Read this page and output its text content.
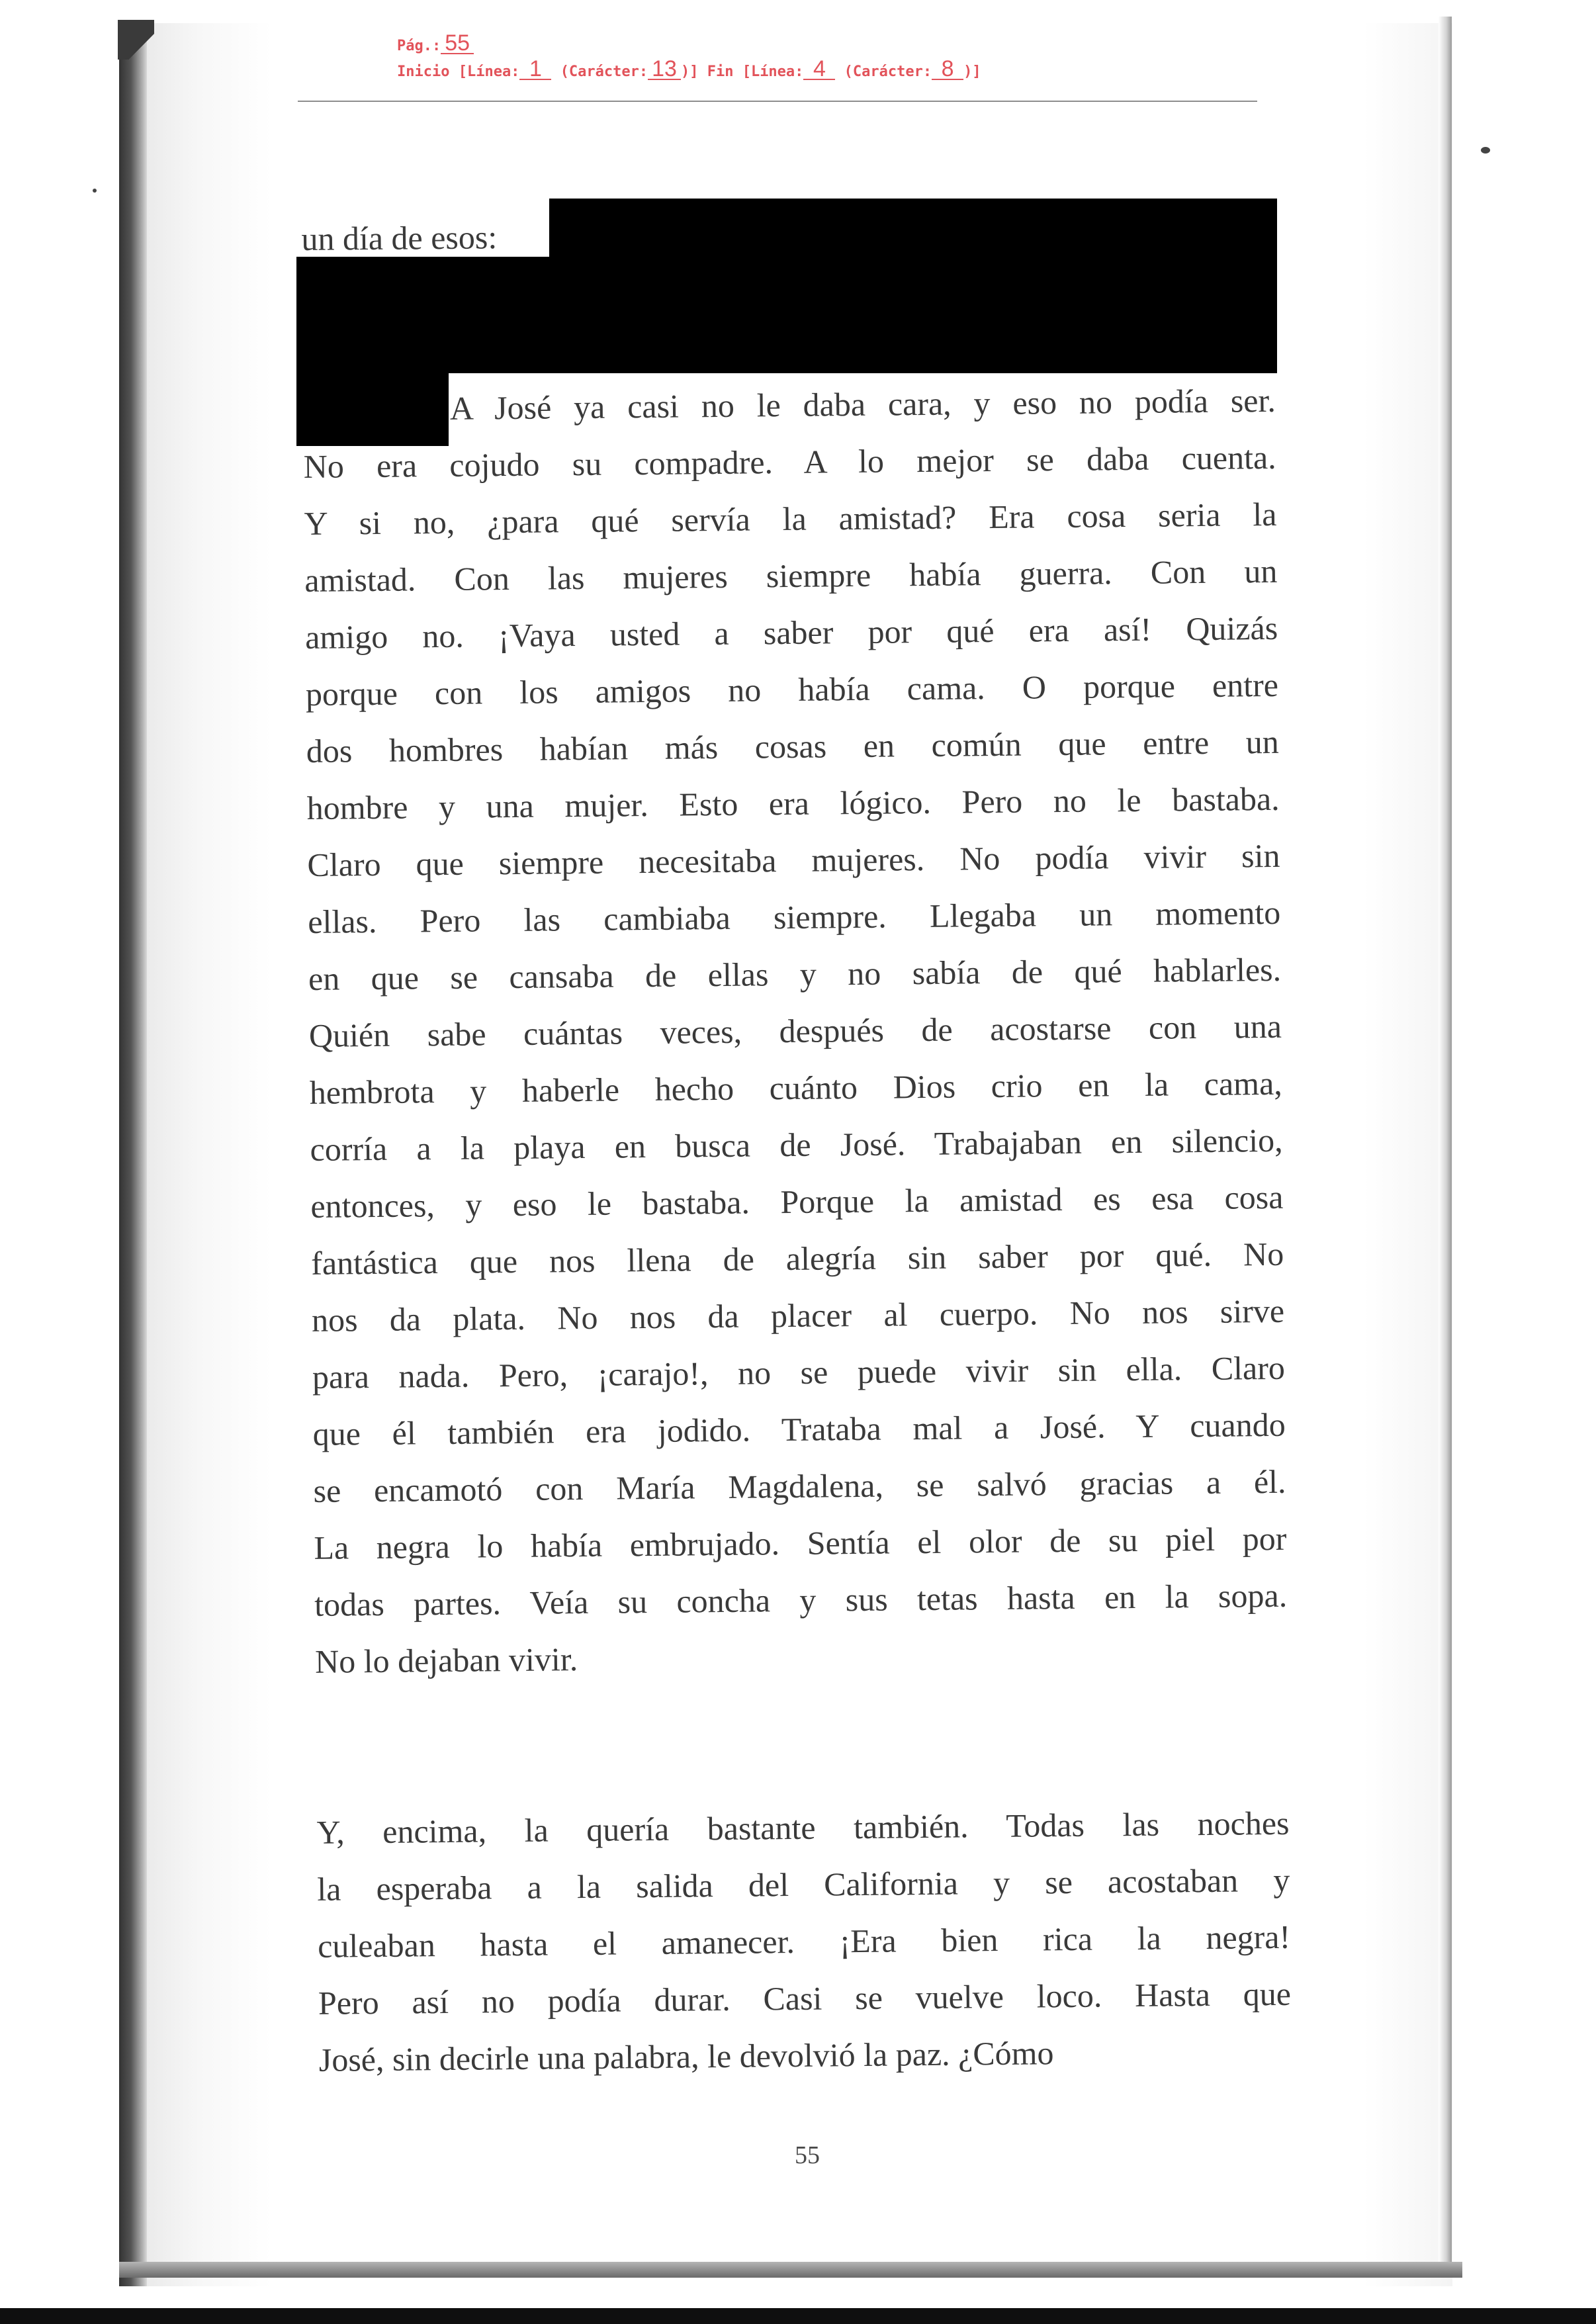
Pág.: 55
Inicio [Línea: 1 (Carácter: 13 )] Fin [Línea: 4 (Carácter: 8 )]
un día de esos:
A José ya casi no le daba cara, y eso no podía ser.
No era cojudo su compadre. A lo mejor se daba cuenta.
Y si no, ¿para qué servía la amistad? Era cosa seria la
amistad. Con las mujeres siempre había guerra. Con un
amigo no. ¡Vaya usted a saber por qué era así! Quizás
porque con los amigos no había cama. O porque entre
dos hombres habían más cosas en común que entre un
hombre y una mujer. Esto era lógico. Pero no le bastaba.
Claro que siempre necesitaba mujeres. No podía vivir sin
ellas. Pero las cambiaba siempre. Llegaba un momento
en que se cansaba de ellas y no sabía de qué hablarles.
Quién sabe cuántas veces, después de acostarse con una
hembrota y haberle hecho cuánto Dios crio en la cama,
corría a la playa en busca de José. Trabajaban en silencio,
entonces, y eso le bastaba. Porque la amistad es esa cosa
fantástica que nos llena de alegría sin saber por qué. No
nos da plata. No nos da placer al cuerpo. No nos sirve
para nada. Pero, ¡carajo!, no se puede vivir sin ella. Claro
que él también era jodido. Trataba mal a José. Y cuando
se encamotó con María Magdalena, se salvó gracias a él.
La negra lo había embrujado. Sentía el olor de su piel por
todas partes. Veía su concha y sus tetas hasta en la sopa.
No lo dejaban vivir.
Y, encima, la quería bastante también. Todas las noches
la esperaba a la salida del California y se acostaban y
culeaban hasta el amanecer. ¡Era bien rica la negra!
Pero así no podía durar. Casi se vuelve loco. Hasta que
José, sin decirle una palabra, le devolvió la paz. ¿Cómo
55
